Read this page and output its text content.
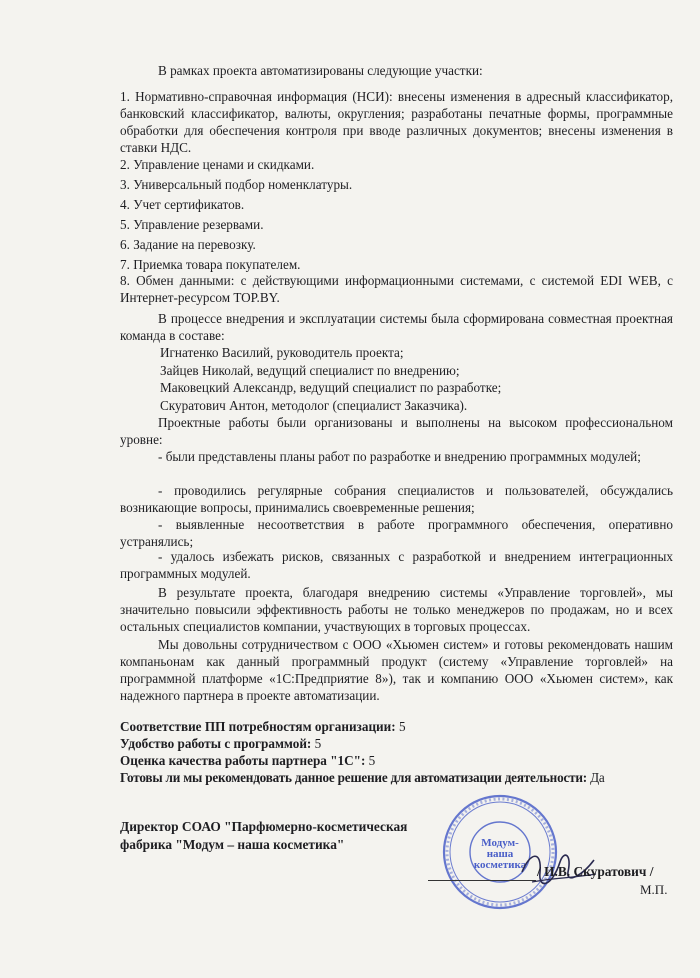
В рамках проекта автоматизированы следующие участки:

1. Нормативно-справочная информация (НСИ): внесены изменения в адресный классификатор, банковский классификатор, валюты, округления; разработаны печатные формы, программные обработки для обеспечения контроля при вводе различных документов; внесены изменения в ставки НДС.

2. Управление ценами и скидками.

3. Универсальный подбор номенклатуры.

4. Учет сертификатов.

5. Управление резервами.

6. Задание на перевозку.

7. Приемка товара покупателем.

8. Обмен данными: с действующими информационными системами, с системой EDI WEB, с Интернет-ресурсом TOP.BY.

В процессе внедрения и эксплуатации системы была сформирована совместная проектная команда в составе:

Игнатенко Василий, руководитель проекта;
Зайцев Николай, ведущий специалист по внедрению;
Маковецкий Александр, ведущий специалист по разработке;
Скуратович Антон, методолог (специалист Заказчика).

Проектные работы были организованы и выполнены на высоком профессиональном уровне:

- были представлены планы работ по разработке и внедрению программных модулей;

- проводились регулярные собрания специалистов и пользователей, обсуждались возникающие вопросы, принимались своевременные решения;

- выявленные несоответствия в работе программного обеспечения, оперативно устранялись;

- удалось избежать рисков, связанных с разработкой и внедрением интеграционных программных модулей.

В результате проекта, благодаря внедрению системы «Управление торговлей», мы значительно повысили эффективность работы не только менеджеров по продажам, но и всех остальных специалистов компании, участвующих в торговых процессах.

Мы довольны сотрудничеством с ООО «Хьюмен систем» и готовы рекомендовать нашим компаньонам как данный программный продукт (систему «Управление торговлей» на программной платформе «1С:Предприятие 8»), так и компанию ООО «Хьюмен систем», как надежного партнера в проекте автоматизации.

Соответствие ПП потребностям организации: 5
Удобство работы с программой: 5
Оценка качества работы партнера "1С": 5
Готовы ли мы рекомендовать данное решение для автоматизации деятельности: Да
Директор СОАО "Парфюмерно-косметическая
фабрика "Модум – наша косметика"	Модум-
наша
косметика / И.В. Скуратович /
М.П.
